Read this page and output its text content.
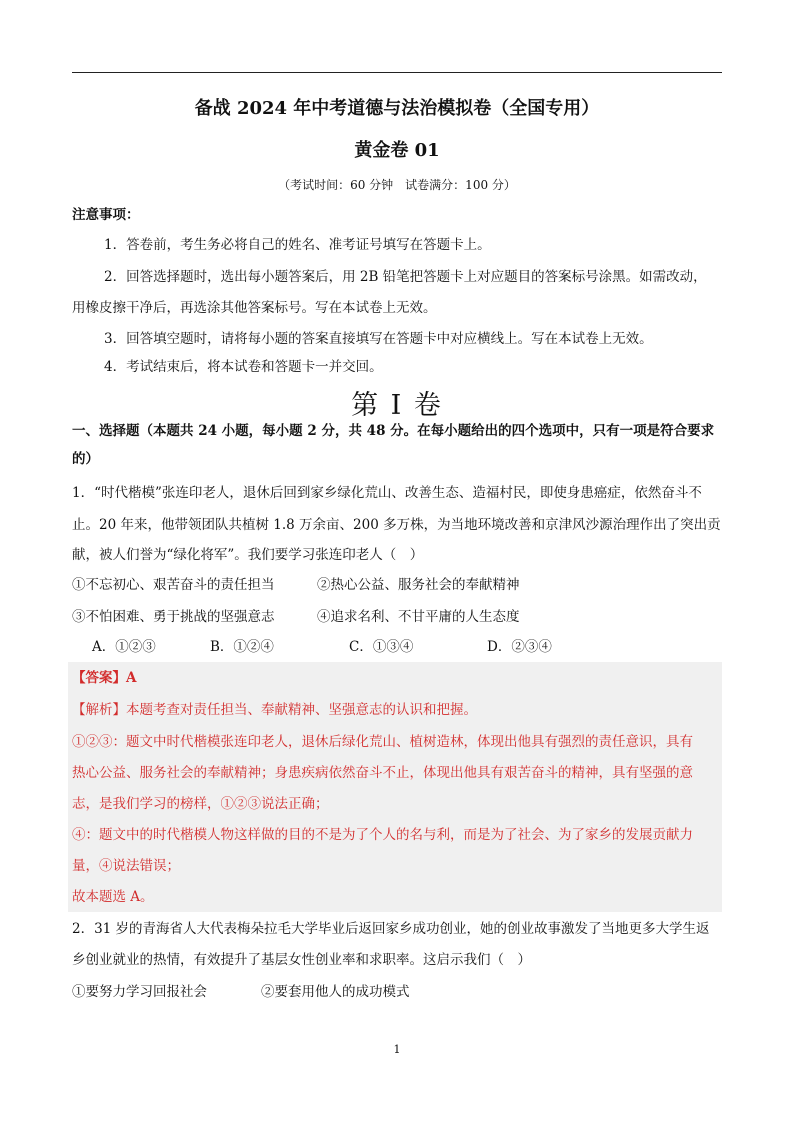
备战 2024 年中考道德与法治模拟卷（全国专用）
黄金卷 01
（考试时间：60 分钟　试卷满分：100 分）
注意事项：
1．答卷前，考生务必将自己的姓名、准考证号填写在答题卡上。
2．回答选择题时，选出每小题答案后，用 2B 铅笔把答题卡上对应题目的答案标号涂黑。如需改动，
用橡皮擦干净后，再选涂其他答案标号。写在本试卷上无效。
3．回答填空题时，请将每小题的答案直接填写在答题卡中对应横线上。写在本试卷上无效。
4．考试结束后，将本试卷和答题卡一并交回。
第 I 卷
一、选择题（本题共 24 小题，每小题 2 分，共 48 分。在每小题给出的四个选项中，只有一项是符合要求
的）
1．“时代楷模”张连印老人，退休后回到家乡绿化荒山、改善生态、造福村民，即使身患癌症，依然奋斗不
止。20 年来，他带领团队共植树 1.8 万余亩、200 多万株，为当地环境改善和京津风沙源治理作出了突出贡
献，被人们誉为“绿化将军”。我们要学习张连印老人（　）
①不忘初心、艰苦奋斗的责任担当	②热心公益、服务社会的奉献精神
③不怕困难、勇于挑战的坚强意志	④追求名利、不甘平庸的人生态度
A．①②③	B．①②④	C．①③④	D．②③④
【答案】A
【解析】本题考查对责任担当、奉献精神、坚强意志的认识和把握。
①②③：题文中时代楷模张连印老人，退休后绿化荒山、植树造林，体现出他具有强烈的责任意识，具有
热心公益、服务社会的奉献精神；身患疾病依然奋斗不止，体现出他具有艰苦奋斗的精神，具有坚强的意
志，是我们学习的榜样，①②③说法正确；
④：题文中的时代楷模人物这样做的目的不是为了个人的名与利，而是为了社会、为了家乡的发展贡献力
量，④说法错误；
故本题选 A。
2．31 岁的青海省人大代表梅朵拉毛大学毕业后返回家乡成功创业，她的创业故事激发了当地更多大学生返
乡创业就业的热情，有效提升了基层女性创业率和求职率。这启示我们（　）
①要努力学习回报社会	②要套用他人的成功模式
1
